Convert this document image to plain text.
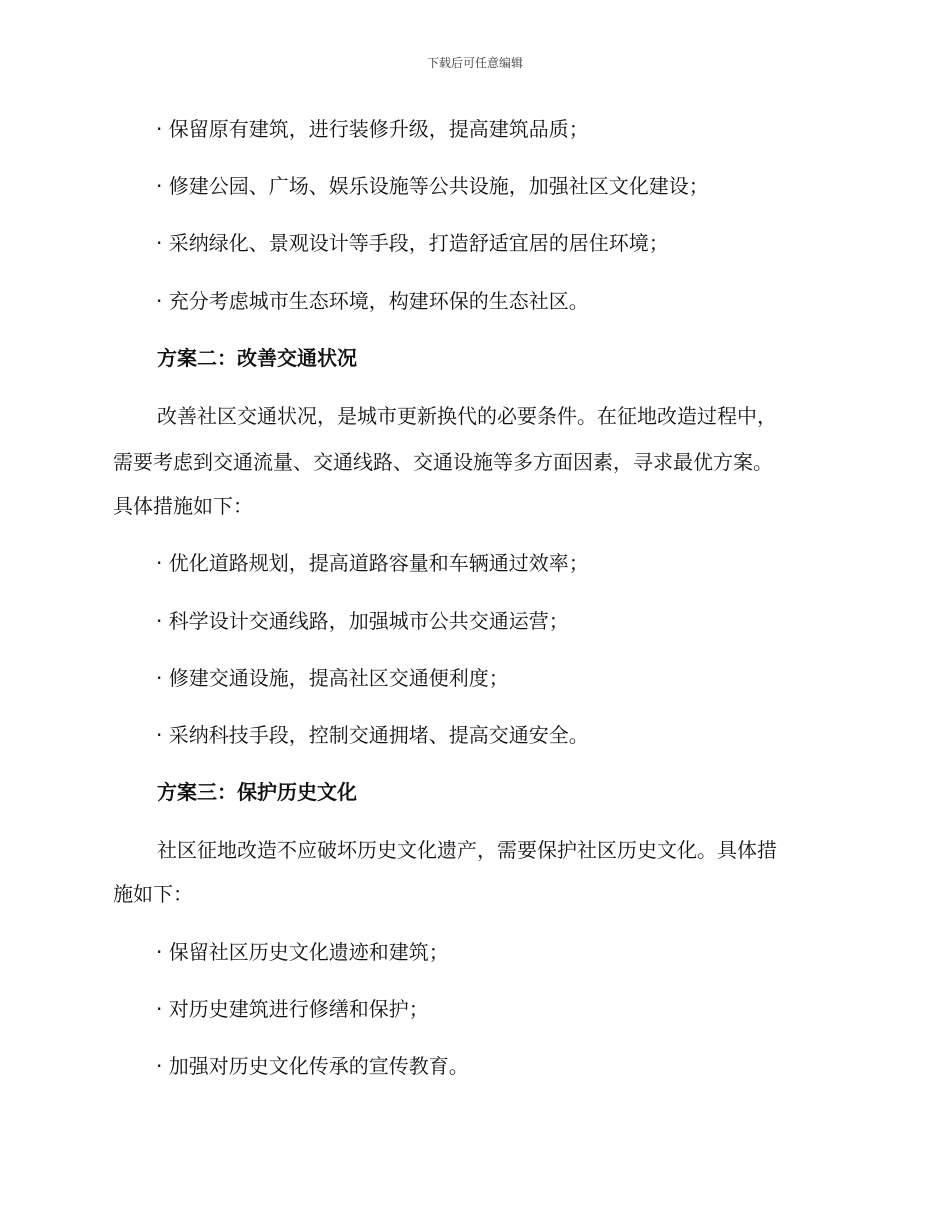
下载后可任意编辑
· 保留原有建筑，进行装修升级，提高建筑品质；
· 修建公园、广场、娱乐设施等公共设施，加强社区文化建设；
· 采纳绿化、景观设计等手段，打造舒适宜居的居住环境；
· 充分考虑城市生态环境，构建环保的生态社区。
方案二：改善交通状况
改善社区交通状况，是城市更新换代的必要条件。在征地改造过程中，
需要考虑到交通流量、交通线路、交通设施等多方面因素，寻求最优方案。
具体措施如下：
· 优化道路规划，提高道路容量和车辆通过效率；
· 科学设计交通线路，加强城市公共交通运营；
· 修建交通设施，提高社区交通便利度；
· 采纳科技手段，控制交通拥堵、提高交通安全。
方案三：保护历史文化
社区征地改造不应破坏历史文化遗产，需要保护社区历史文化。具体措
施如下：
· 保留社区历史文化遗迹和建筑；
· 对历史建筑进行修缮和保护；
· 加强对历史文化传承的宣传教育。
